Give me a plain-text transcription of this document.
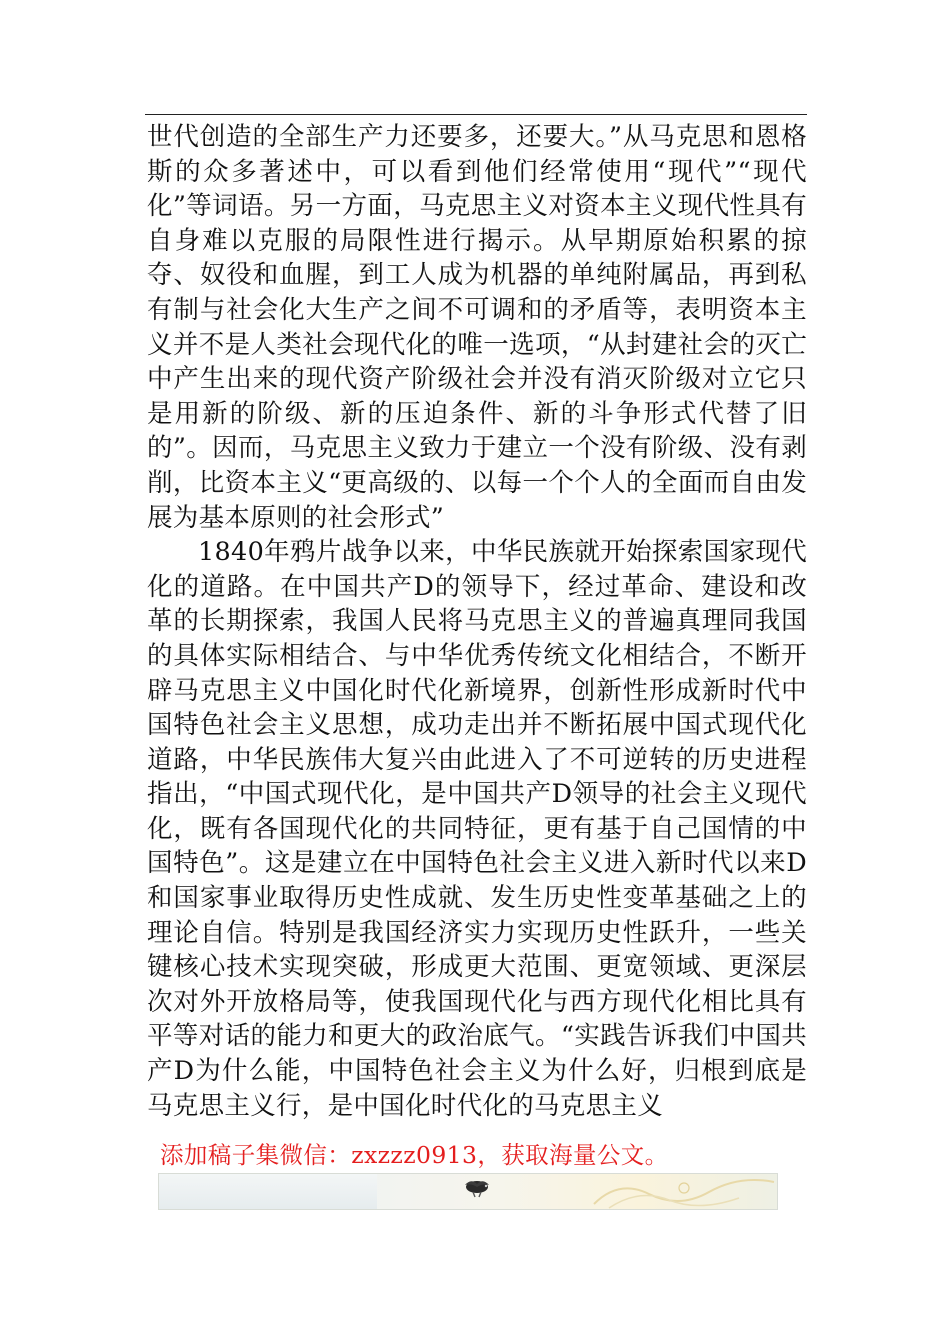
世代创造的全部生产力还要多，还要大。”从马克思和恩格斯的众多著述中，可以看到他们经常使用“现代”“现代化”等词语。另一方面，马克思主义对资本主义现代性具有自身难以克服的局限性进行揭示。从早期原始积累的掠夺、奴役和血腥，到工人成为机器的单纯附属品，再到私有制与社会化大生产之间不可调和的矛盾等，表明资本主义并不是人类社会现代化的唯一选项，“从封建社会的灭亡中产生出来的现代资产阶级社会并没有消灭阶级对立它只是用新的阶级、新的压迫条件、新的斗争形式代替了旧的”。因而，马克思主义致力于建立一个没有阶级、没有剥削，比资本主义“更高级的、以每一个个人的全面而自由发展为基本原则的社会形式”

1840年鸦片战争以来，中华民族就开始探索国家现代化的道路。在中国共产D的领导下，经过革命、建设和改革的长期探索，我国人民将马克思主义的普遍真理同我国的具体实际相结合、与中华优秀传统文化相结合，不断开辟马克思主义中国化时代化新境界，创新性形成新时代中国特色社会主义思想，成功走出并不断拓展中国式现代化道路，中华民族伟大复兴由此进入了不可逆转的历史进程指出，“中国式现代化，是中国共产D领导的社会主义现代化，既有各国现代化的共同特征，更有基于自己国情的中国特色”。这是建立在中国特色社会主义进入新时代以来D和国家事业取得历史性成就、发生历史性变革基础之上的理论自信。特别是我国经济实力实现历史性跃升，一些关键核心技术实现突破，形成更大范围、更宽领域、更深层次对外开放格局等，使我国现代化与西方现代化相比具有平等对话的能力和更大的政治底气。“实践告诉我们中国共产D为什么能，中国特色社会主义为什么好，归根到底是马克思主义行，是中国化时代化的马克思主义

添加稿子集微信：zxzzz0913，获取海量公文。
